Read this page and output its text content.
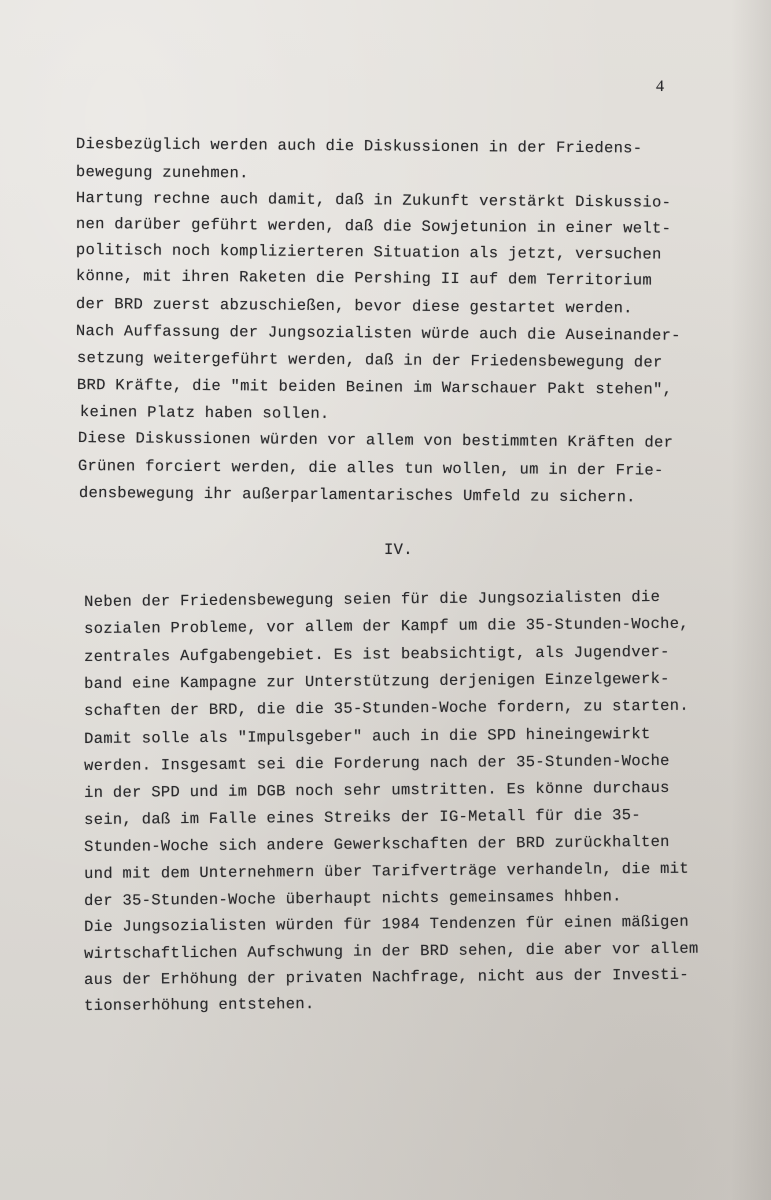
4
Diesbezüglich werden auch die Diskussionen in der Friedens-
bewegung zunehmen.
Hartung rechne auch damit, daß in Zukunft verstärkt Diskussio-
nen darüber geführt werden, daß die Sowjetunion in einer welt-
politisch noch komplizierteren Situation als jetzt, versuchen
könne, mit ihren Raketen die Pershing II auf dem Territorium
der BRD zuerst abzuschießen, bevor diese gestartet werden.
Nach Auffassung der Jungsozialisten würde auch die Auseinander-
setzung weitergeführt werden, daß in der Friedensbewegung der
BRD Kräfte, die "mit beiden Beinen im Warschauer Pakt stehen",
keinen Platz haben sollen.
Diese Diskussionen würden vor allem von bestimmten Kräften der
Grünen forciert werden, die alles tun wollen, um in der Frie-
densbewegung ihr außerparlamentarisches Umfeld zu sichern.
IV.
Neben der Friedensbewegung seien für die Jungsozialisten die
sozialen Probleme, vor allem der Kampf um die 35-Stunden-Woche,
zentrales Aufgabengebiet. Es ist beabsichtigt, als Jugendver-
band eine Kampagne zur Unterstützung derjenigen Einzelgewerk-
schaften der BRD, die die 35-Stunden-Woche fordern, zu starten.
Damit solle als "Impulsgeber" auch in die SPD hineingewirkt
werden. Insgesamt sei die Forderung nach der 35-Stunden-Woche
in der SPD und im DGB noch sehr umstritten. Es könne durchaus
sein, daß im Falle eines Streiks der IG-Metall für die 35-
Stunden-Woche sich andere Gewerkschaften der BRD zurückhalten
und mit dem Unternehmern über Tarifverträge verhandeln, die mit
der 35-Stunden-Woche überhaupt nichts gemeinsames hhben.
Die Jungsozialisten würden für 1984 Tendenzen für einen mäßigen
wirtschaftlichen Aufschwung in der BRD sehen, die aber vor allem
aus der Erhöhung der privaten Nachfrage, nicht aus der Investi-
tionserhöhung entstehen.
